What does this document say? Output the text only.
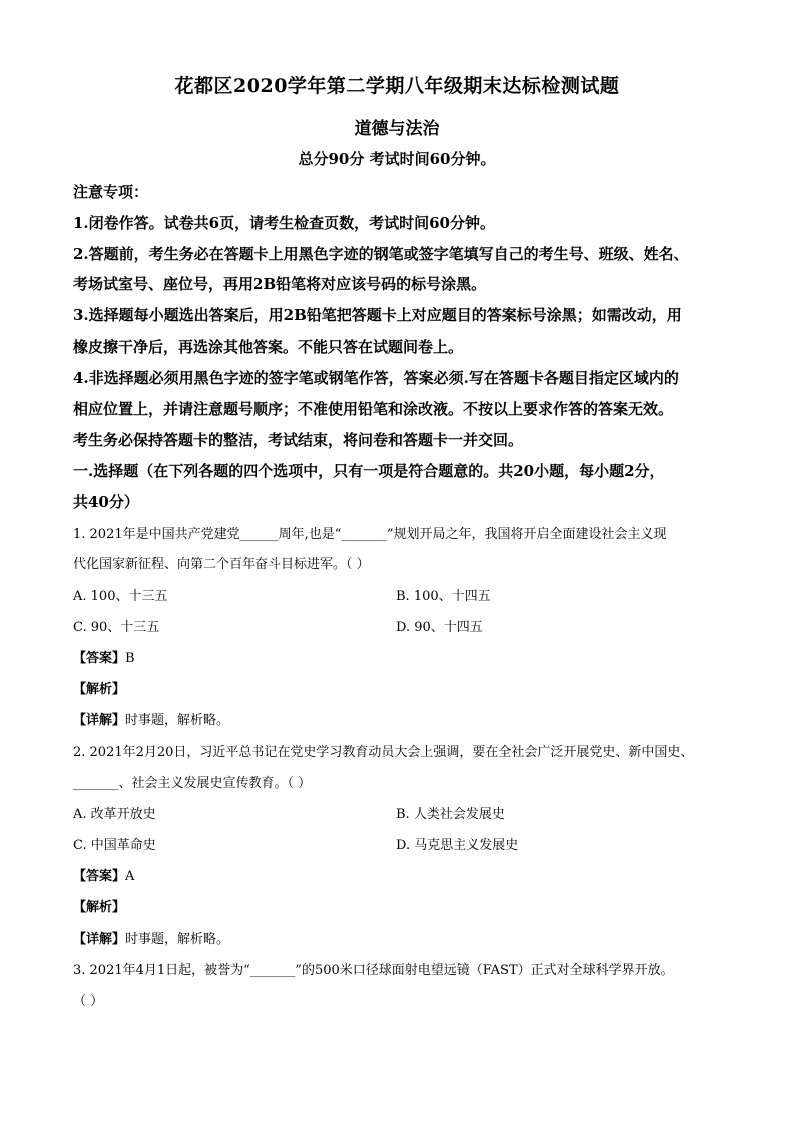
花都区2020学年第二学期八年级期末达标检测试题
道德与法治
总分90分 考试时间60分钟。
注意专项：
1.闭卷作答。试卷共6页，请考生检查页数，考试时间60分钟。
2.答题前，考生务必在答题卡上用黑色字迹的钢笔或签字笔填写自己的考生号、班级、姓名、
考场试室号、座位号，再用2B铅笔将对应该号码的标号涂黑。
3.选择题每小题选出答案后，用2B铅笔把答题卡上对应题目的答案标号涂黑；如需改动，用
橡皮擦干净后，再选涂其他答案。不能只答在试题间卷上。
4.非选择题必须用黑色字迹的签字笔或钢笔作答，答案必须.写在答题卡各题目指定区域内的
相应位置上，并请注意题号顺序；不准使用铅笔和涂改液。不按以上要求作答的答案无效。
考生务必保持答题卡的整洁，考试结束，将问卷和答题卡一并交回。
一.选择题（在下列各题的四个选项中，只有一项是符合题意的。共20小题，每小题2分，
共40分）
1. 2021年是中国共产党建党______周年,也是“_______”规划开局之年，我国将开启全面建设社会主义现
代化国家新征程、向第二个百年奋斗目标进军。（ ）
A. 100、十三五	B. 100、十四五
C. 90、十三五	D. 90、十四五
【答案】B
【解析】
【详解】时事题，解析略。
2. 2021年2月20日，习近平总书记在党史学习教育动员大会上强调，要在全社会广泛开展党史、新中国史、
_______、社会主义发展史宣传教育。（ ）
A. 改革开放史	B. 人类社会发展史
C. 中国革命史	D. 马克思主义发展史
【答案】A
【解析】
【详解】时事题，解析略。
3. 2021年4月1日起，被誉为“_______”的500米口径球面射电望远镜（FAST）正式对全球科学界开放。
（ ）
